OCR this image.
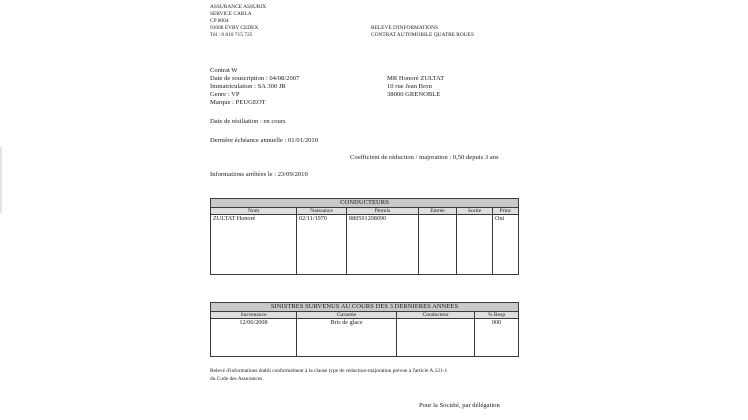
ASSURANCE ASSURIX
SERVICE CARLA
CP 8004
91008 EVRY CEDEX
Tél : 0 810 715 725
RELEVE D'INFORMATIONS
CONTRAT AUTOMOBILE QUATRE ROUES
Contrat W
Date de souscription : 04/08/2007
Immatriculation : SA 300 JR
Genre : VP
Marque : PEUGEOT
MR Honoré ZULTAT
10 rue Jean Bron
38000 GRENOBLE
Date de résiliation : en cours
Dernière échéance annuelle : 01/01/2010
Coefficient de réduction / majoration : 0,50 depuis 3 ans
Informations arrêtées le : 23/09/2010
CONDUCTEURS					
Nom	Naissance	Permis	Entrée	Sortie	Princ
ZULTAT Honoré	02/11/1970	880591208090			Oui
SINISTRES SURVENUS AU COURS DES 3 DERNIERES ANNEES			
Survenance	Garantie	Conducteur	% Resp
12/06/2008	Bris de glace		000
Relevé d'informations établi conformément à la clause type de réduction-majoration prévue à l'article A.121-1
du Code des Assurances.
Pour la Société, par délégation
